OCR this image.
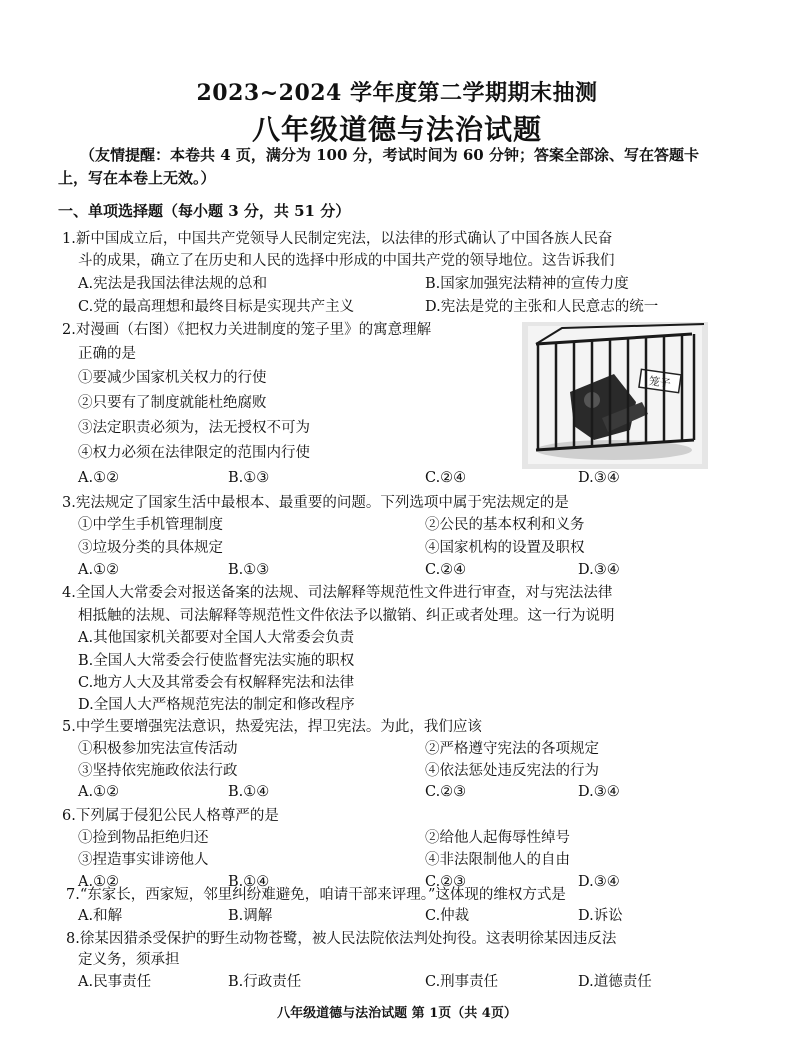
2023~2024 学年度第二学期期末抽测
八年级道德与法治试题
（友情提醒：本卷共 4 页，满分为 100 分，考试时间为 60 分钟；答案全部涂、写在答题卡上，写在本卷上无效。）
一、单项选择题（每小题 3 分，共 51 分）
1.新中国成立后，中国共产党领导人民制定宪法，以法律的形式确认了中国各族人民奋
斗的成果，确立了在历史和人民的选择中形成的中国共产党的领导地位。这告诉我们
A.宪法是我国法律法规的总和	B.国家加强宪法精神的宣传力度
C.党的最高理想和最终目标是实现共产主义	D.宪法是党的主张和人民意志的统一
2.对漫画（右图）《把权力关进制度的笼子里》的寓意理解
正确的是
①要减少国家机关权力的行使
②只要有了制度就能杜绝腐败
③法定职责必须为，法无授权不可为
④权力必须在法律限定的范围内行使
A.①②	B.①③	C.②④	D.③④
笼子
3.宪法规定了国家生活中最根本、最重要的问题。下列选项中属于宪法规定的是
①中学生手机管理制度	②公民的基本权利和义务
③垃圾分类的具体规定	④国家机构的设置及职权
A.①②	B.①③	C.②④	D.③④
4.全国人大常委会对报送备案的法规、司法解释等规范性文件进行审查，对与宪法法律
相抵触的法规、司法解释等规范性文件依法予以撤销、纠正或者处理。这一行为说明
A.其他国家机关都要对全国人大常委会负责
B.全国人大常委会行使监督宪法实施的职权
C.地方人大及其常委会有权解释宪法和法律
D.全国人大严格规范宪法的制定和修改程序
5.中学生要增强宪法意识，热爱宪法，捍卫宪法。为此，我们应该
①积极参加宪法宣传活动	②严格遵守宪法的各项规定
③坚持依宪施政依法行政	④依法惩处违反宪法的行为
A.①②	B.①④	C.②③	D.③④
6.下列属于侵犯公民人格尊严的是
①捡到物品拒绝归还	②给他人起侮辱性绰号
③捏造事实诽谤他人	④非法限制他人的自由
A.①②	B.①④	C.②③	D.③④
7.“东家长，西家短，邻里纠纷难避免，咱请干部来评理。”这体现的维权方式是
A.和解	B.调解	C.仲裁	D.诉讼
8.徐某因猎杀受保护的野生动物苍鹭，被人民法院依法判处拘役。这表明徐某因违反法
定义务，须承担
A.民事责任	B.行政责任	C.刑事责任	D.道德责任
八年级道德与法治试题 第 1页（共 4页）
